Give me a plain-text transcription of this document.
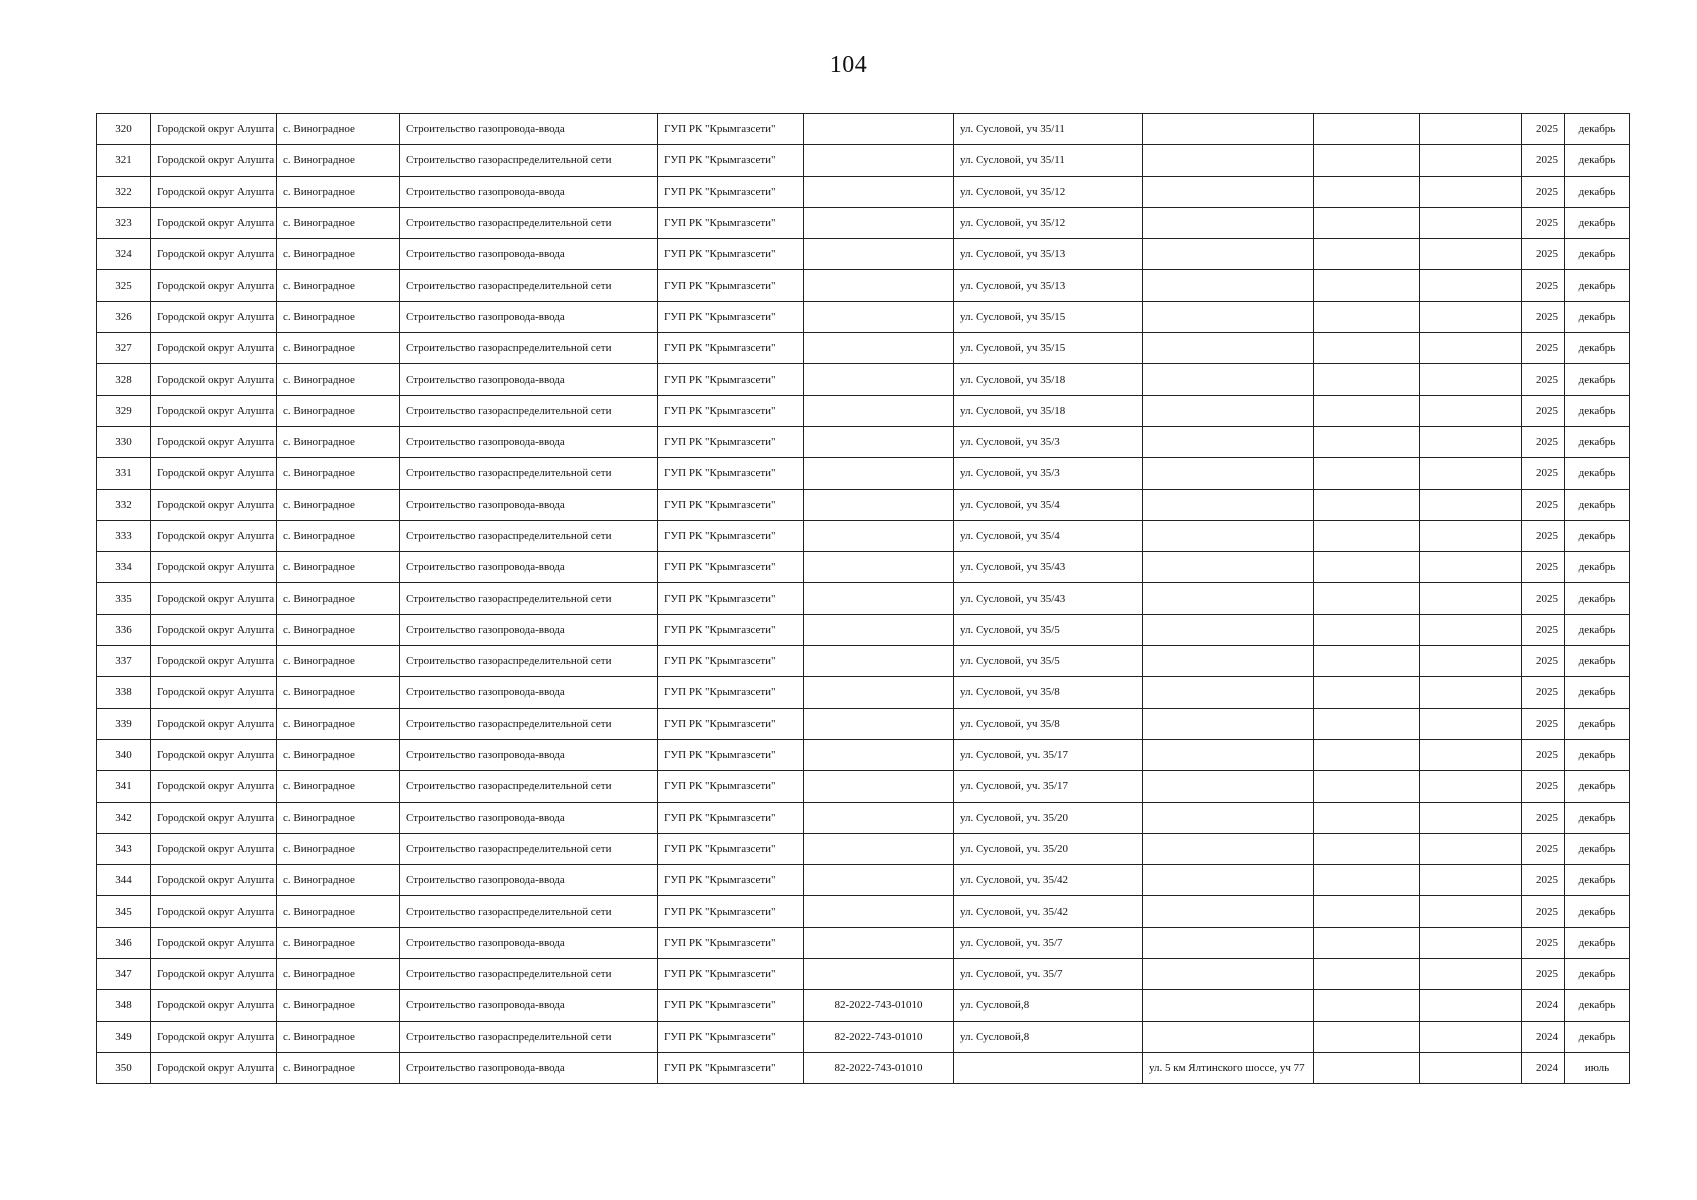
104
320	Городской округ Алушта	с. Виноградное	Строительство газопровода-ввода	ГУП РК "Крымгазсети"		ул. Сусловой, уч 35/11				2025	декабрь
321	Городской округ Алушта	с. Виноградное	Строительство газораспределительной сети	ГУП РК "Крымгазсети"		ул. Сусловой, уч 35/11				2025	декабрь
322	Городской округ Алушта	с. Виноградное	Строительство газопровода-ввода	ГУП РК "Крымгазсети"		ул. Сусловой, уч 35/12				2025	декабрь
323	Городской округ Алушта	с. Виноградное	Строительство газораспределительной сети	ГУП РК "Крымгазсети"		ул. Сусловой, уч 35/12				2025	декабрь
324	Городской округ Алушта	с. Виноградное	Строительство газопровода-ввода	ГУП РК "Крымгазсети"		ул. Сусловой, уч 35/13				2025	декабрь
325	Городской округ Алушта	с. Виноградное	Строительство газораспределительной сети	ГУП РК "Крымгазсети"		ул. Сусловой, уч 35/13				2025	декабрь
326	Городской округ Алушта	с. Виноградное	Строительство газопровода-ввода	ГУП РК "Крымгазсети"		ул. Сусловой, уч 35/15				2025	декабрь
327	Городской округ Алушта	с. Виноградное	Строительство газораспределительной сети	ГУП РК "Крымгазсети"		ул. Сусловой, уч 35/15				2025	декабрь
328	Городской округ Алушта	с. Виноградное	Строительство газопровода-ввода	ГУП РК "Крымгазсети"		ул. Сусловой, уч 35/18				2025	декабрь
329	Городской округ Алушта	с. Виноградное	Строительство газораспределительной сети	ГУП РК "Крымгазсети"		ул. Сусловой, уч 35/18				2025	декабрь
330	Городской округ Алушта	с. Виноградное	Строительство газопровода-ввода	ГУП РК "Крымгазсети"		ул. Сусловой, уч 35/3				2025	декабрь
331	Городской округ Алушта	с. Виноградное	Строительство газораспределительной сети	ГУП РК "Крымгазсети"		ул. Сусловой, уч 35/3				2025	декабрь
332	Городской округ Алушта	с. Виноградное	Строительство газопровода-ввода	ГУП РК "Крымгазсети"		ул. Сусловой, уч 35/4				2025	декабрь
333	Городской округ Алушта	с. Виноградное	Строительство газораспределительной сети	ГУП РК "Крымгазсети"		ул. Сусловой, уч 35/4				2025	декабрь
334	Городской округ Алушта	с. Виноградное	Строительство газопровода-ввода	ГУП РК "Крымгазсети"		ул. Сусловой, уч 35/43				2025	декабрь
335	Городской округ Алушта	с. Виноградное	Строительство газораспределительной сети	ГУП РК "Крымгазсети"		ул. Сусловой, уч 35/43				2025	декабрь
336	Городской округ Алушта	с. Виноградное	Строительство газопровода-ввода	ГУП РК "Крымгазсети"		ул. Сусловой, уч 35/5				2025	декабрь
337	Городской округ Алушта	с. Виноградное	Строительство газораспределительной сети	ГУП РК "Крымгазсети"		ул. Сусловой, уч 35/5				2025	декабрь
338	Городской округ Алушта	с. Виноградное	Строительство газопровода-ввода	ГУП РК "Крымгазсети"		ул. Сусловой, уч 35/8				2025	декабрь
339	Городской округ Алушта	с. Виноградное	Строительство газораспределительной сети	ГУП РК "Крымгазсети"		ул. Сусловой, уч 35/8				2025	декабрь
340	Городской округ Алушта	с. Виноградное	Строительство газопровода-ввода	ГУП РК "Крымгазсети"		ул. Сусловой, уч. 35/17				2025	декабрь
341	Городской округ Алушта	с. Виноградное	Строительство газораспределительной сети	ГУП РК "Крымгазсети"		ул. Сусловой, уч. 35/17				2025	декабрь
342	Городской округ Алушта	с. Виноградное	Строительство газопровода-ввода	ГУП РК "Крымгазсети"		ул. Сусловой, уч. 35/20				2025	декабрь
343	Городской округ Алушта	с. Виноградное	Строительство газораспределительной сети	ГУП РК "Крымгазсети"		ул. Сусловой, уч. 35/20				2025	декабрь
344	Городской округ Алушта	с. Виноградное	Строительство газопровода-ввода	ГУП РК "Крымгазсети"		ул. Сусловой, уч. 35/42				2025	декабрь
345	Городской округ Алушта	с. Виноградное	Строительство газораспределительной сети	ГУП РК "Крымгазсети"		ул. Сусловой, уч. 35/42				2025	декабрь
346	Городской округ Алушта	с. Виноградное	Строительство газопровода-ввода	ГУП РК "Крымгазсети"		ул. Сусловой, уч. 35/7				2025	декабрь
347	Городской округ Алушта	с. Виноградное	Строительство газораспределительной сети	ГУП РК "Крымгазсети"		ул. Сусловой, уч. 35/7				2025	декабрь
348	Городской округ Алушта	с. Виноградное	Строительство газопровода-ввода	ГУП РК "Крымгазсети"	82-2022-743-01010	ул. Сусловой,8				2024	декабрь
349	Городской округ Алушта	с. Виноградное	Строительство газораспределительной сети	ГУП РК "Крымгазсети"	82-2022-743-01010	ул. Сусловой,8				2024	декабрь
350	Городской округ Алушта	с. Виноградное	Строительство газопровода-ввода	ГУП РК "Крымгазсети"	82-2022-743-01010		ул. 5 км Ялтинского шоссе, уч 77			2024	июль
